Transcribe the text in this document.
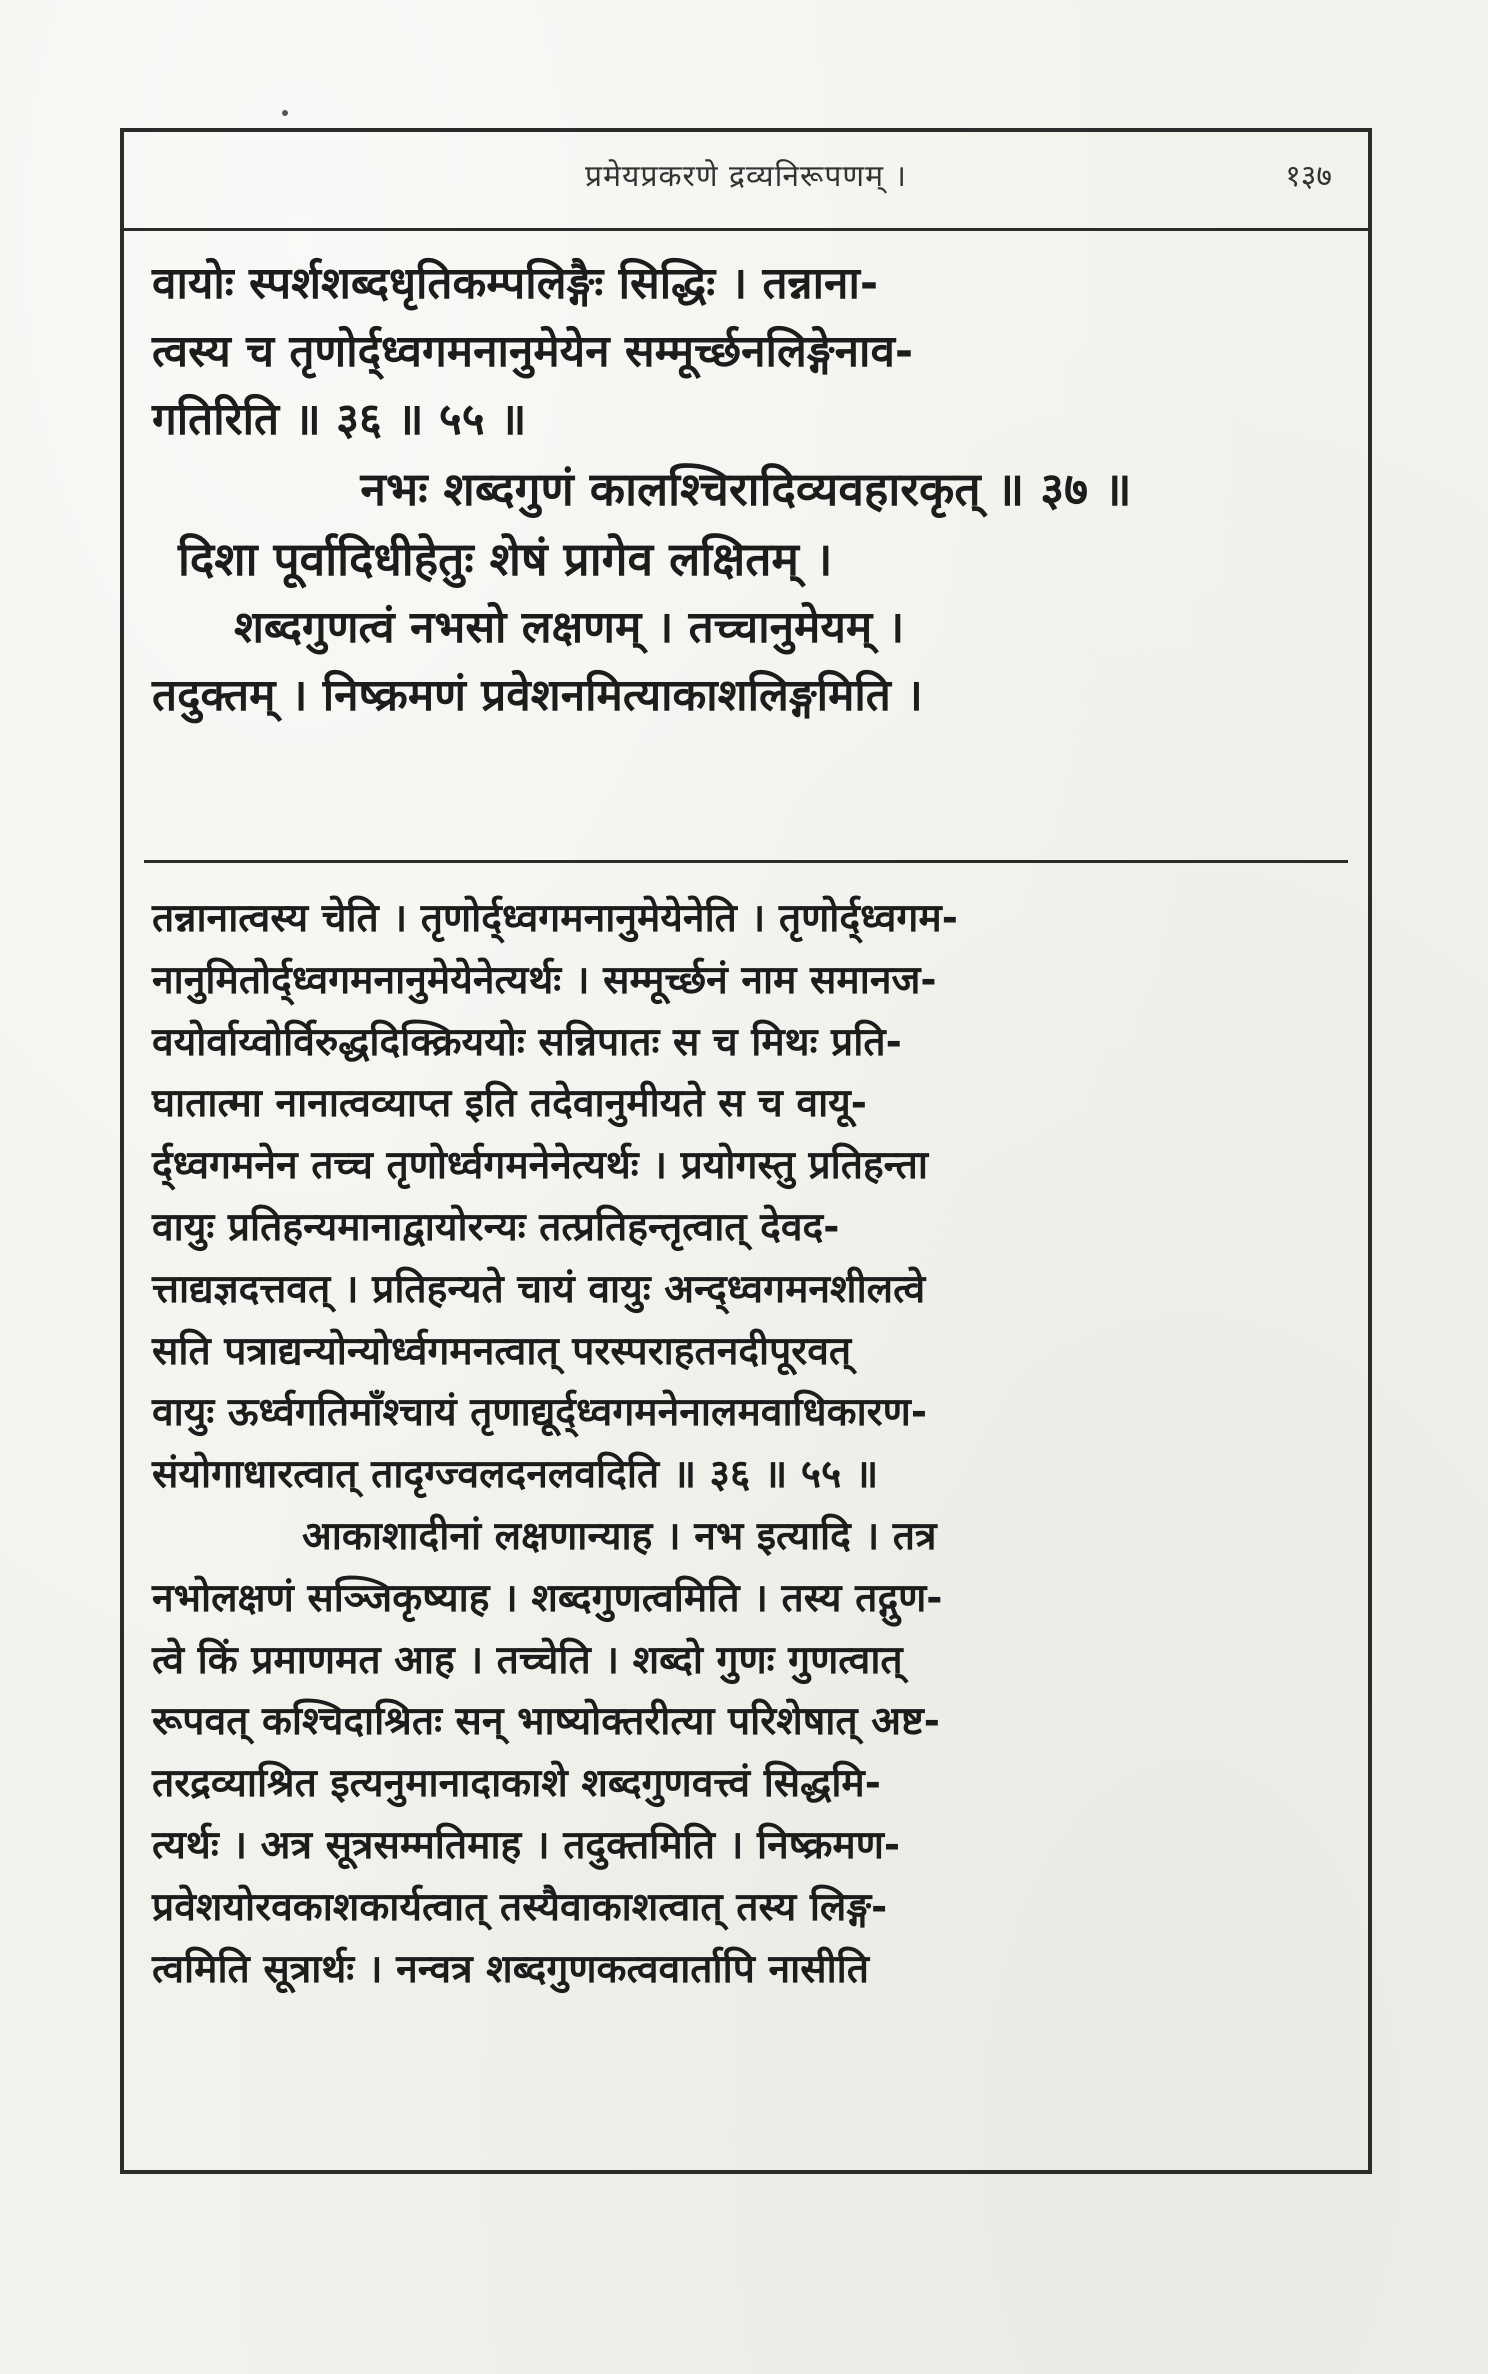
प्रमेयप्रकरणे द्रव्यनिरूपणम् ।	१३७

वायोः स्पर्शशब्दधृतिकम्पलिङ्गैः सिद्धिः । तन्नाना-

त्वस्य च तृणोर्द्ध्वगमनानुमेयेन सम्मूर्च्छनलिङ्गेनाव-

गतिरिति ॥ ३६ ॥ ५५ ॥

नभः शब्दगुणं कालश्चिरादिव्यवहारकृत् ॥ ३७ ॥

दिशा पूर्वादिधीहेतुः शेषं प्रागेव लक्षितम् ।

शब्दगुणत्वं नभसो लक्षणम् । तच्चानुमेयम् ।

तदुक्तम् । निष्क्रमणं प्रवेशनमित्याकाशलिङ्गमिति ।

तन्नानात्वस्य चेति । तृणोर्द्ध्वगमनानुमेयेनेति । तृणोर्द्ध्वगम-

नानुमितोर्द्ध्वगमनानुमेयेनेत्यर्थः । सम्मूर्च्छनं नाम समानज-

वयोर्वाय्वोर्विरुद्धदिक्क्रिययोः सन्निपातः स च मिथः प्रति-

घातात्मा नानात्वव्याप्त इति तदेवानुमीयते स च वायू-

र्द्ध्वगमनेन तच्च तृणोर्ध्वगमनेनेत्यर्थः । प्रयोगस्तु प्रतिहन्ता

वायुः प्रतिहन्यमानाद्वायोरन्यः तत्प्रतिहन्तृत्वात् देवद-

त्ताद्यज्ञदत्तवत् । प्रतिहन्यते चायं वायुः अन्द्ध्वगमनशीलत्वे

सति पत्राद्यन्योन्योर्ध्वगमनत्वात् परस्पराहतनदीपूरवत्

वायुः ऊर्ध्वगतिमाँश्चायं तृणाद्यूर्द्ध्वगमनेनालमवाधिकारण-

संयोगाधारत्वात् तादृग्ज्वलदनलवदिति ॥ ३६ ॥ ५५ ॥

आकाशादीनां लक्षणान्याह । नभ इत्यादि । तत्र

नभोलक्षणं सञ्जिकृष्याह । शब्दगुणत्वमिति । तस्य तद्गुण-

त्वे किं प्रमाणमत आह । तच्चेति । शब्दो गुणः गुणत्वात्

रूपवत् कश्चिदाश्रितः सन् भाष्योक्तरीत्या परिशेषात् अष्ट-

तरद्रव्याश्रित इत्यनुमानादाकाशे शब्दगुणवत्त्वं सिद्धमि-

त्यर्थः । अत्र सूत्रसम्मतिमाह । तदुक्तमिति । निष्क्रमण-

प्रवेशयोरवकाशकार्यत्वात् तस्यैवाकाशत्वात् तस्य लिङ्ग-

त्वमिति सूत्रार्थः । नन्वत्र शब्दगुणकत्ववार्तापि नासीति
